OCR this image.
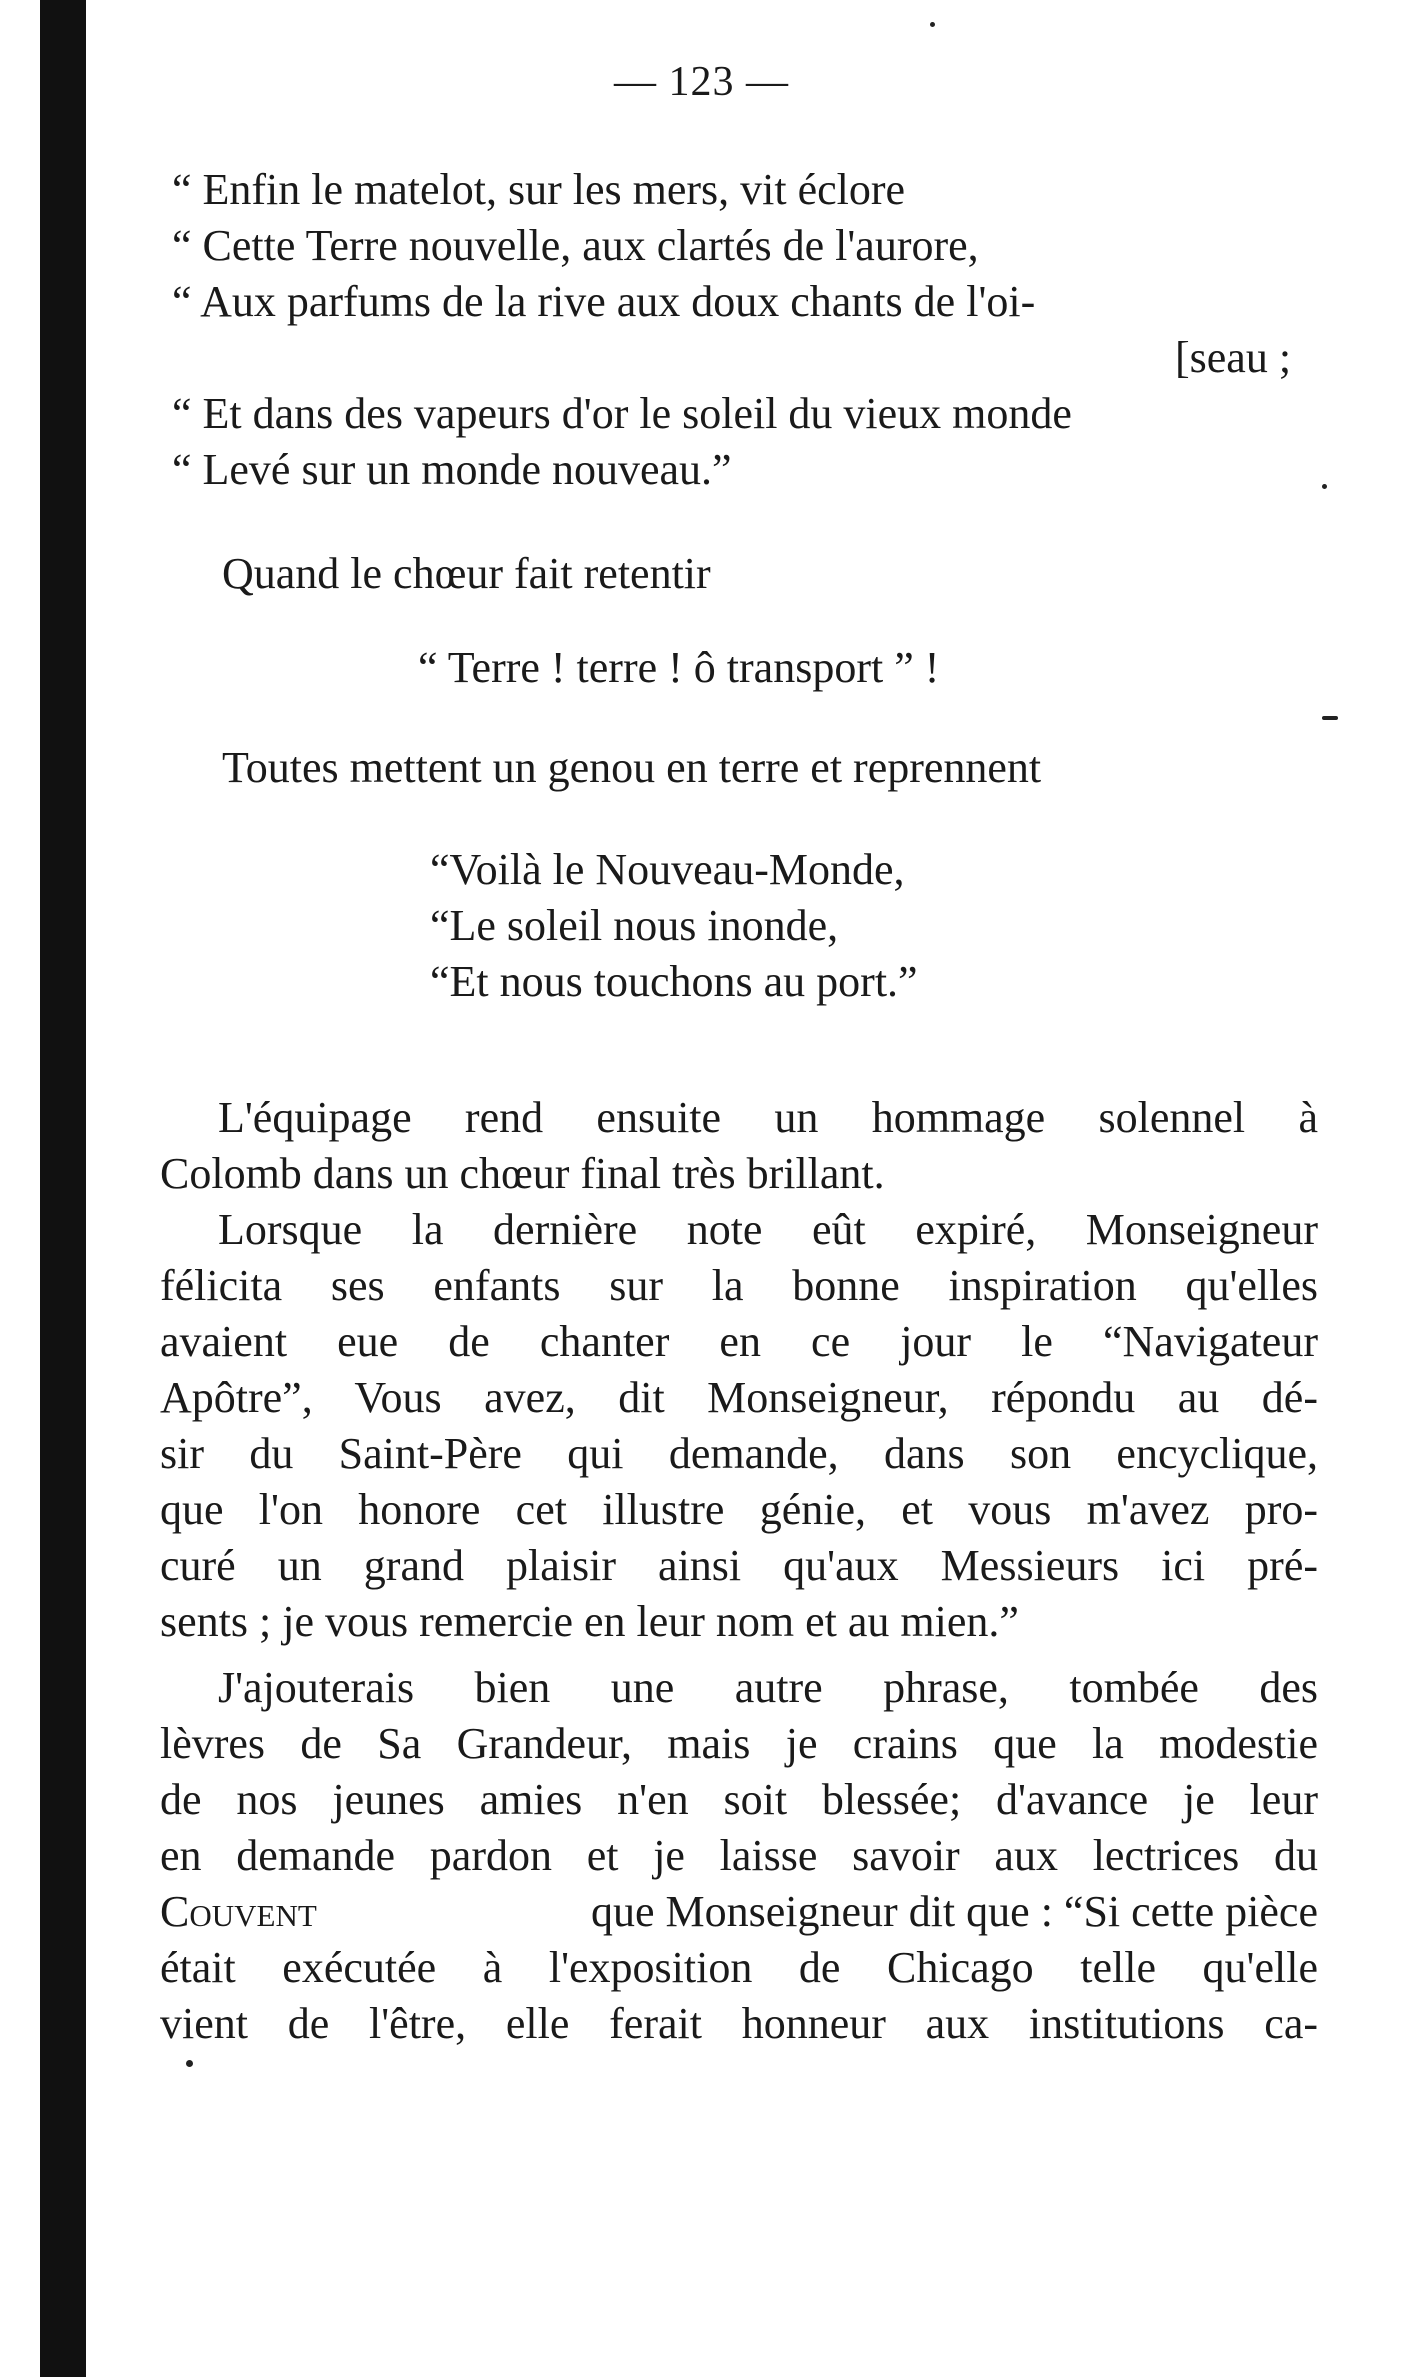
— 123 —
“ Enfin le matelot, sur les mers, vit éclore
“ Cette Terre nouvelle, aux clartés de l'aurore,
“ Aux parfums de la rive aux doux chants de l'oi-
[seau ;
“ Et dans des vapeurs d'or le soleil du vieux monde
“ Levé sur un monde nouveau.”
Quand le chœur fait retentir
“ Terre ! terre ! ô transport ” !
Toutes mettent un genou en terre et reprennent
“Voilà le Nouveau-Monde,
“Le soleil nous inonde,
“Et nous touchons au port.”
L'équipage rend ensuite un hommage solennel à
Colomb dans un chœur final très brillant.
Lorsque la dernière note eût expiré, Monseigneur
félicita ses enfants sur la bonne inspiration qu'elles
avaient eue de chanter en ce jour le “Navigateur
Apôtre”, Vous avez, dit Monseigneur, répondu au dé-
sir du Saint-Père qui demande, dans son encyclique,
que l'on honore cet illustre génie, et vous m'avez pro-
curé un grand plaisir ainsi qu'aux Messieurs ici pré-
sents ; je vous remercie en leur nom et au mien.”
J'ajouterais bien une autre phrase, tombée des
lèvres de Sa Grandeur, mais je crains que la modestie
de nos jeunes amies n'en soit blessée; d'avance je leur
en demande pardon et je laisse savoir aux lectrices du
Couvent	que Monseigneur dit que : “Si cette pièce
était exécutée à l'exposition de Chicago telle qu'elle
vient de l'être, elle ferait honneur aux institutions ca-
